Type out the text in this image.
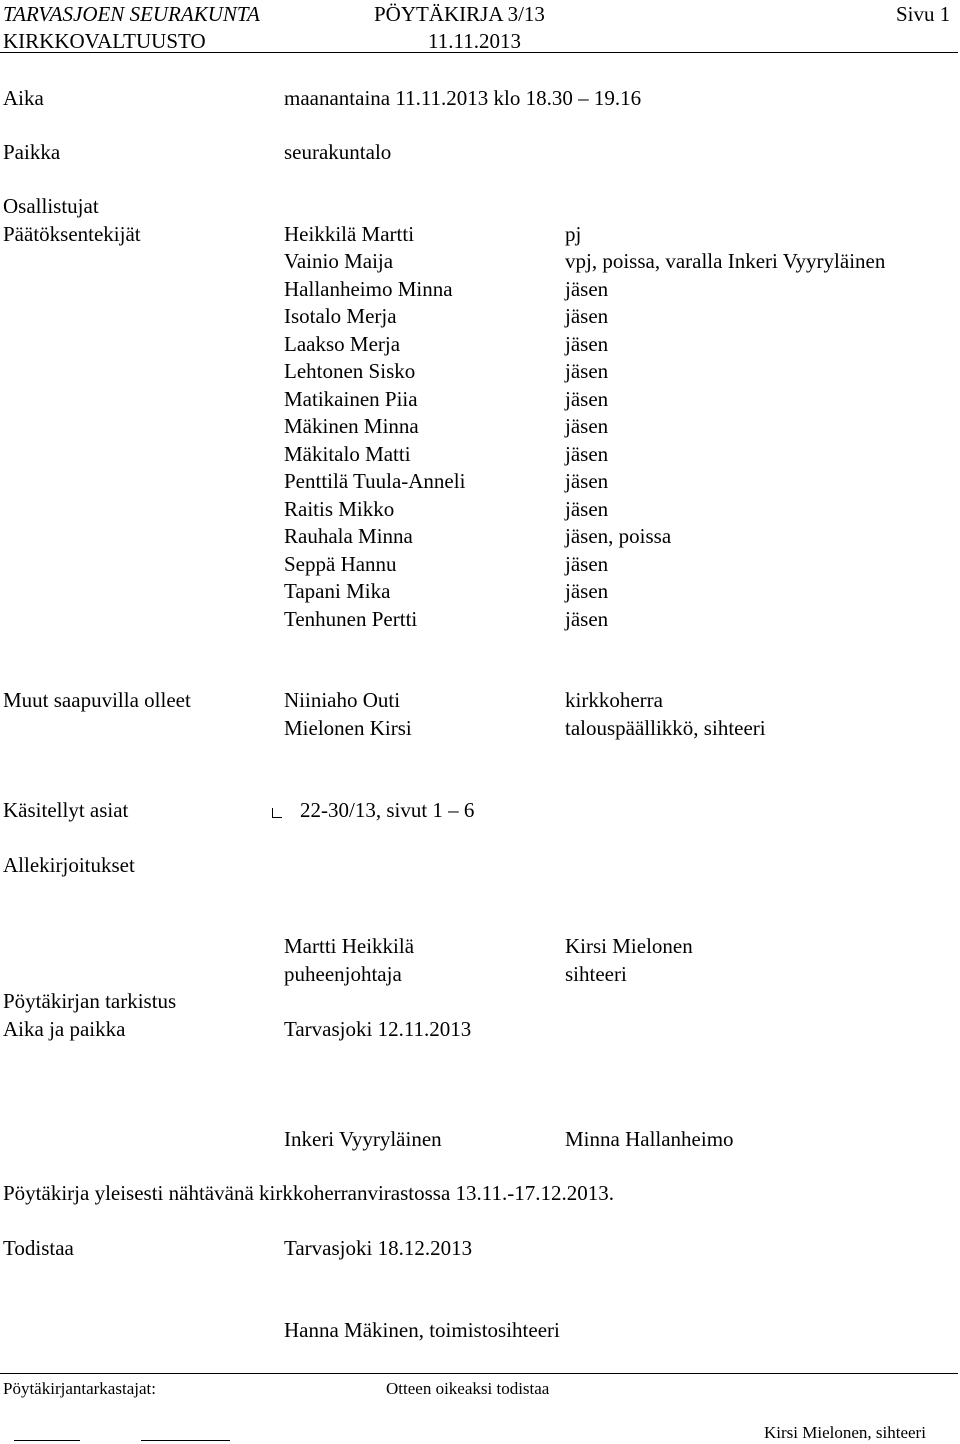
TARVASJOEN SEURAKUNTA	PÖYTÄKIRJA 3/13	Sivu 1
KIRKKOVALTUUSTO	11.11.2013
Aika	maanantaina 11.11.2013 klo 18.30 – 19.16
Paikka	seurakuntalo
Osallistujat
Päätöksentekijät	Heikkilä Martti	pj
Vainio Maija	vpj, poissa, varalla Inkeri Vyyryläinen
Hallanheimo Minna	jäsen
Isotalo Merja	jäsen
Laakso Merja	jäsen
Lehtonen Sisko	jäsen
Matikainen Piia	jäsen
Mäkinen Minna	jäsen
Mäkitalo Matti	jäsen
Penttilä Tuula-Anneli	jäsen
Raitis Mikko	jäsen
Rauhala Minna	jäsen, poissa
Seppä Hannu	jäsen
Tapani Mika	jäsen
Tenhunen Pertti	jäsen
Muut saapuvilla olleet	Niiniaho Outi	kirkkoherra
Mielonen Kirsi	talouspäällikkö, sihteeri
Käsitellyt asiat	22-30/13, sivut 1 – 6
Allekirjoitukset
Martti Heikkilä	Kirsi Mielonen
puheenjohtaja	sihteeri
Pöytäkirjan tarkistus
Aika ja paikka	Tarvasjoki 12.11.2013
Inkeri Vyyryläinen	Minna Hallanheimo
Pöytäkirja yleisesti nähtävänä kirkkoherranvirastossa 13.11.-17.12.2013.
Todistaa	Tarvasjoki 18.12.2013
Hanna Mäkinen, toimistosihteeri
Pöytäkirjantarkastajat:	Otteen oikeaksi todistaa
Kirsi Mielonen, sihteeri
